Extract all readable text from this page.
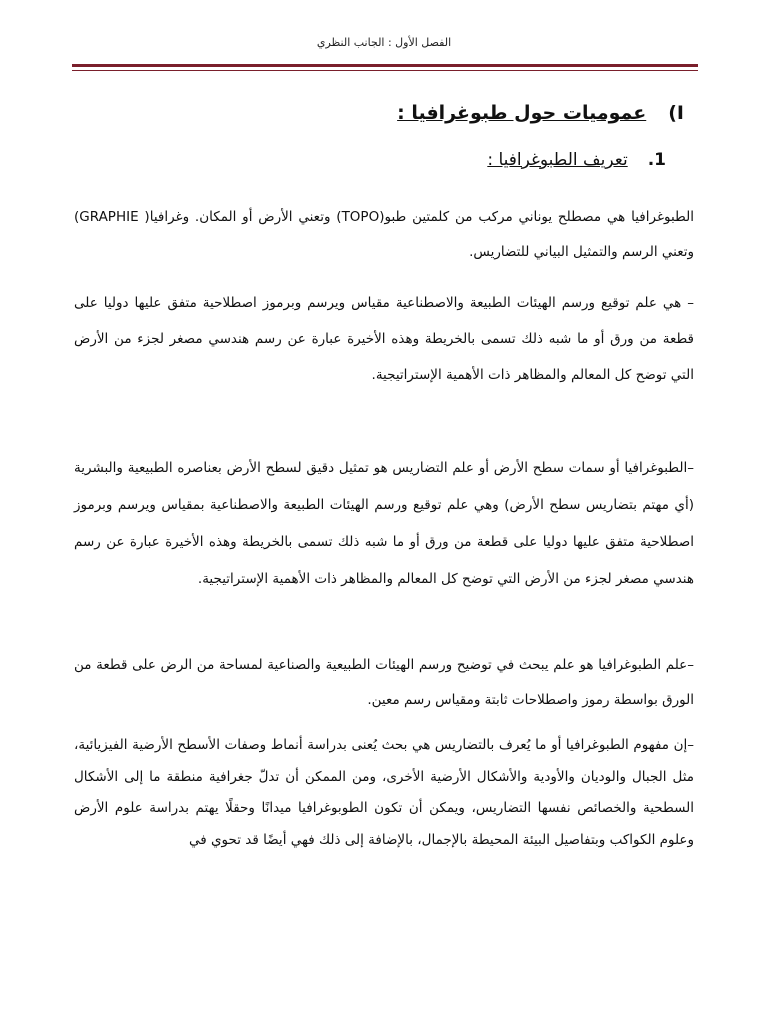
الفصل الأول : الجانب النظري
I)
عموميات حول طبوغرافيا :
1.
تعريف الطبوغرافيا :

الطبوغرافيا هي مصطلح يوناني مركب من كلمتين طبو(TOPO) وتعني الأرض أو المكان. وغرافيا( GRAPHIE) وتعني الرسم والتمثيل البياني للتضاريس.

– هي علم توقيع ورسم الهيئات الطبيعة والاصطناعية مقياس ويرسم وبرموز اصطلاحية متفق عليها دوليا على قطعة من ورق أو ما شبه ذلك تسمى بالخريطة وهذه الأخيرة عبارة عن رسم هندسي مصغر لجزء من الأرض التي توضح كل المعالم والمظاهر ذات الأهمية الإستراتيجية.

–الطبوغرافيا أو سمات سطح الأرض أو علم التضاريس هو تمثيل دقيق لسطح الأرض بعناصره الطبيعية والبشرية (أي مهتم بتضاريس سطح الأرض) وهي علم توقيع ورسم الهيئات الطبيعة والاصطناعية بمقياس ويرسم وبرموز اصطلاحية متفق عليها دوليا على قطعة من ورق أو ما شبه ذلك تسمى بالخريطة وهذه الأخيرة عبارة عن رسم هندسي مصغر لجزء من الأرض التي توضح كل المعالم والمظاهر ذات الأهمية الإستراتيجية.

–علم الطبوغرافيا هو علم يبحث في توضيح ورسم الهيئات الطبيعية والصناعية لمساحة من الرض على قطعة من الورق بواسطة رموز واصطلاحات ثابتة ومقياس رسم معين.

–إن مفهوم الطبوغرافيا أو ما يُعرف بالتضاريس هي بحث يُعنى بدراسة أنماط وصفات الأسطح الأرضية الفيزيائية، مثل الجبال والوديان والأودية والأشكال الأرضية الأخرى، ومن الممكن أن تدلّ جغرافية منطقة ما إلى الأشكال السطحية والخصائص نفسها التضاريس، ويمكن أن تكون الطوبوغرافيا ميدانًا وحقلًا يهتم بدراسة علوم الأرض وعلوم الكواكب وبتفاصيل البيئة المحيطة بالإجمال، بالإضافة إلى ذلك فهي أيضًا قد تحوي في
